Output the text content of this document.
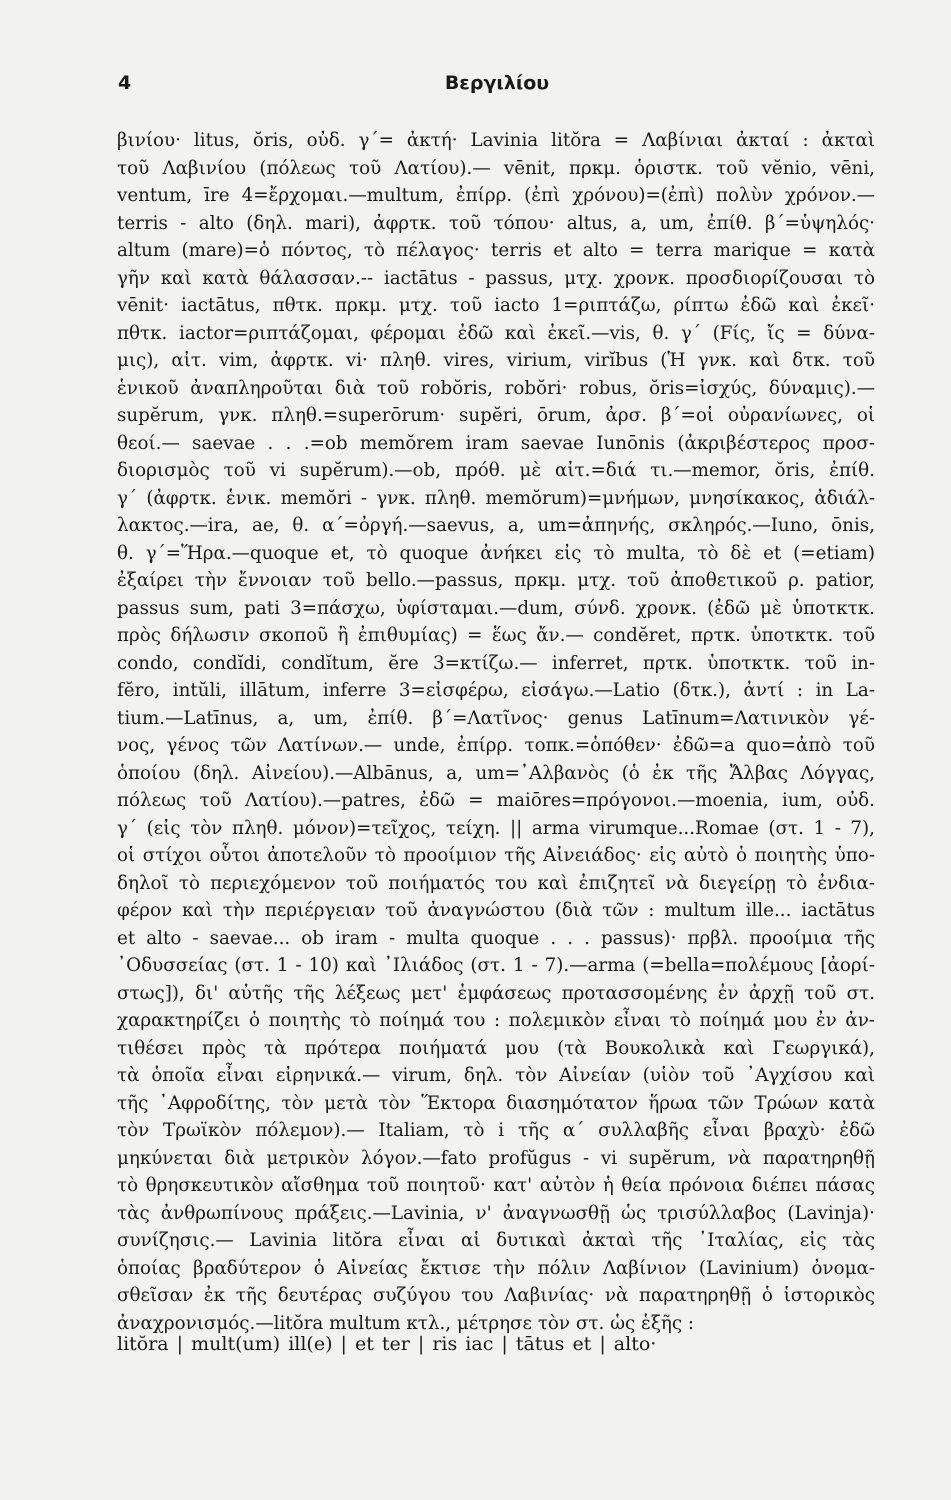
4	Βεργιλίου
βινίου· litus, ŏris, οὐδ. γ΄= ἀκτή· Lavinia litŏra = Λαβίνιαι ἀκταί : ἀκταὶ
τοῦ Λαβινίου (πόλεως τοῦ Λατίου).— vēnit, πρκμ. ὁριστκ. τοῦ vĕnio, vēni,
ventum, īre 4=ἔρχομαι.—multum, ἐπίρρ. (ἐπὶ χρόνου)=(ἐπὶ) πολὺν χρόνον.—
terris - alto (δηλ. mari), ἀφρτκ. τοῦ τόπου· altus, a, um, ἐπίθ. β΄=ὑψηλός·
altum (mare)=ὁ πόντος, τὸ πέλαγος· terris et alto = terra marique = κατὰ
γῆν καὶ κατὰ θάλασσαν.-- iactātus - passus, μτχ. χρονκ. προσδιορίζουσαι τὸ
vēnit· iactātus, πθτκ. πρκμ. μτχ. τοῦ iacto 1=ριπτάζω, ρίπτω ἐδῶ καὶ ἐκεῖ·
πθτκ. iactor=ριπτάζομαι, φέρομαι ἐδῶ καὶ ἐκεῖ.—vis, θ. γ΄ (Fίς, ἴς = δύνα-
μις), αἰτ. vim, ἀφρτκ. vi· πληθ. vires, virium, virĭbus (Ἡ γνκ. καὶ δτκ. τοῦ
ἑνικοῦ ἀναπληροῦται διὰ τοῦ robŏris, robŏri· robus, ŏris=ἰσχύς, δύναμις).—
supĕrum, γνκ. πληθ.=superōrum· supĕri, ōrum, ἀρσ. β΄=οἱ οὐρανίωνες, οἱ
θεοί.— saevae . . .=ob memŏrem iram saevae Iunōnis (ἀκριβέστερος προσ-
διορισμὸς τοῦ vi supĕrum).—ob, πρόθ. μὲ αἰτ.=διά τι.—memor, ŏris, ἐπίθ.
γ΄ (ἀφρτκ. ἑνικ. memŏri - γνκ. πληθ. memŏrum)=μνήμων, μνησίκακος, ἀδιάλ-
λακτος.—ira, ae, θ. α΄=ὀργή.—saevus, a, um=ἀπηνής, σκληρός.—Iuno, ōnis,
θ. γ΄=Ἥρα.—quoque et, τὸ quoque ἀνήκει εἰς τὸ multa, τὸ δὲ et (=etiam)
ἐξαίρει τὴν ἔννοιαν τοῦ bello.—passus, πρκμ. μτχ. τοῦ ἀποθετικοῦ ρ. patior,
passus sum, pati 3=πάσχω, ὑφίσταμαι.—dum, σύνδ. χρονκ. (ἐδῶ μὲ ὑποτκτκ.
πρὸς δήλωσιν σκοποῦ ἢ ἐπιθυμίας) = ἕως ἄν.— condĕret, πρτκ. ὑποτκτκ. τοῦ
condo, condĭdi, condĭtum, ĕre 3=κτίζω.— inferret, πρτκ. ὑποτκτκ. τοῦ in-
fĕro, intŭli, illātum, inferre 3=εἰσφέρω, εἰσάγω.—Latio (δτκ.), ἀντί : in La-
tium.—Latīnus, a, um, ἐπίθ. β΄=Λατῖνος· genus Latīnum=Λατινικὸν γέ-
νος, γένος τῶν Λατίνων.— unde, ἐπίρρ. τοπκ.=ὁπόθεν· ἐδῶ=a quo=ἀπὸ τοῦ
ὁποίου (δηλ. Αἰνείου).—Albānus, a, um=᾿Αλβανὸς (ὁ ἐκ τῆς Ἄλβας Λόγγας,
πόλεως τοῦ Λατίου).—patres, ἐδῶ = maiōres=πρόγονοι.—moenia, ium, οὐδ.
γ΄ (εἰς τὸν πληθ. μόνον)=τεῖχος, τείχη. || arma virumque...Romae (στ. 1 - 7),
οἱ στίχοι οὗτοι ἀποτελοῦν τὸ προοίμιον τῆς Αἰνειάδος· εἰς αὐτὸ ὁ ποιητὴς ὑπο-
δηλοῖ τὸ περιεχόμενον τοῦ ποιήματός του καὶ ἐπιζητεῖ νὰ διεγείρῃ τὸ ἐνδια-
φέρον καὶ τὴν περιέργειαν τοῦ ἀναγνώστου (διὰ τῶν : multum ille... iactātus
et alto - saevae... ob iram - multa quoque . . . passus)· πρβλ. προοίμια τῆς
᾿Οδυσσείας (στ. 1 - 10) καὶ ᾿Ιλιάδος (στ. 1 - 7).—arma (=bella=πολέμους [ἀορί-
στως]), δι' αὐτῆς τῆς λέξεως μετ' ἐμφάσεως προτασσομένης ἐν ἀρχῇ τοῦ στ.
χαρακτηρίζει ὁ ποιητὴς τὸ ποίημά του : πολεμικὸν εἶναι τὸ ποίημά μου ἐν ἀν-
τιθέσει πρὸς τὰ πρότερα ποιήματά μου (τὰ Βουκολικὰ καὶ Γεωργικά),
τὰ ὁποῖα εἶναι εἰρηνικά.— virum, δηλ. τὸν Αἰνείαν (υἱὸν τοῦ ᾿Αγχίσου καὶ
τῆς ᾿Αφροδίτης, τὸν μετὰ τὸν Ἕκτορα διασημότατον ἥρωα τῶν Τρώων κατὰ
τὸν Τρωϊκὸν πόλεμον).— Italiam, τὸ i τῆς α΄ συλλαβῆς εἶναι βραχὺ· ἐδῶ
μηκύνεται διὰ μετρικὸν λόγον.—fato profŭgus - vi supĕrum, νὰ παρατηρηθῇ
τὸ θρησκευτικὸν αἴσθημα τοῦ ποιητοῦ· κατ' αὐτὸν ἡ θεία πρόνοια διέπει πάσας
τὰς ἀνθρωπίνους πράξεις.—Lavinia, ν' ἀναγνωσθῇ ὡς τρισύλλαβος (Lavinja)·
συνίζησις.— Lavinia litŏra εἶναι αἱ δυτικαὶ ἀκταὶ τῆς ᾿Ιταλίας, εἰς τὰς
ὁποίας βραδύτερον ὁ Αἰνείας ἔκτισε τὴν πόλιν Λαβίνιον (Lavinium) ὀνομα-
σθεῖσαν ἐκ τῆς δευτέρας συζύγου του Λαβινίας· νὰ παρατηρηθῇ ὁ ἱστορικὸς
ἀναχρονισμός.—litŏra multum κτλ., μέτρησε τὸν στ. ὡς ἑξῆς :
litŏra | mult(um) ill(e) | et ter | ris iac | tātus et | alto·
